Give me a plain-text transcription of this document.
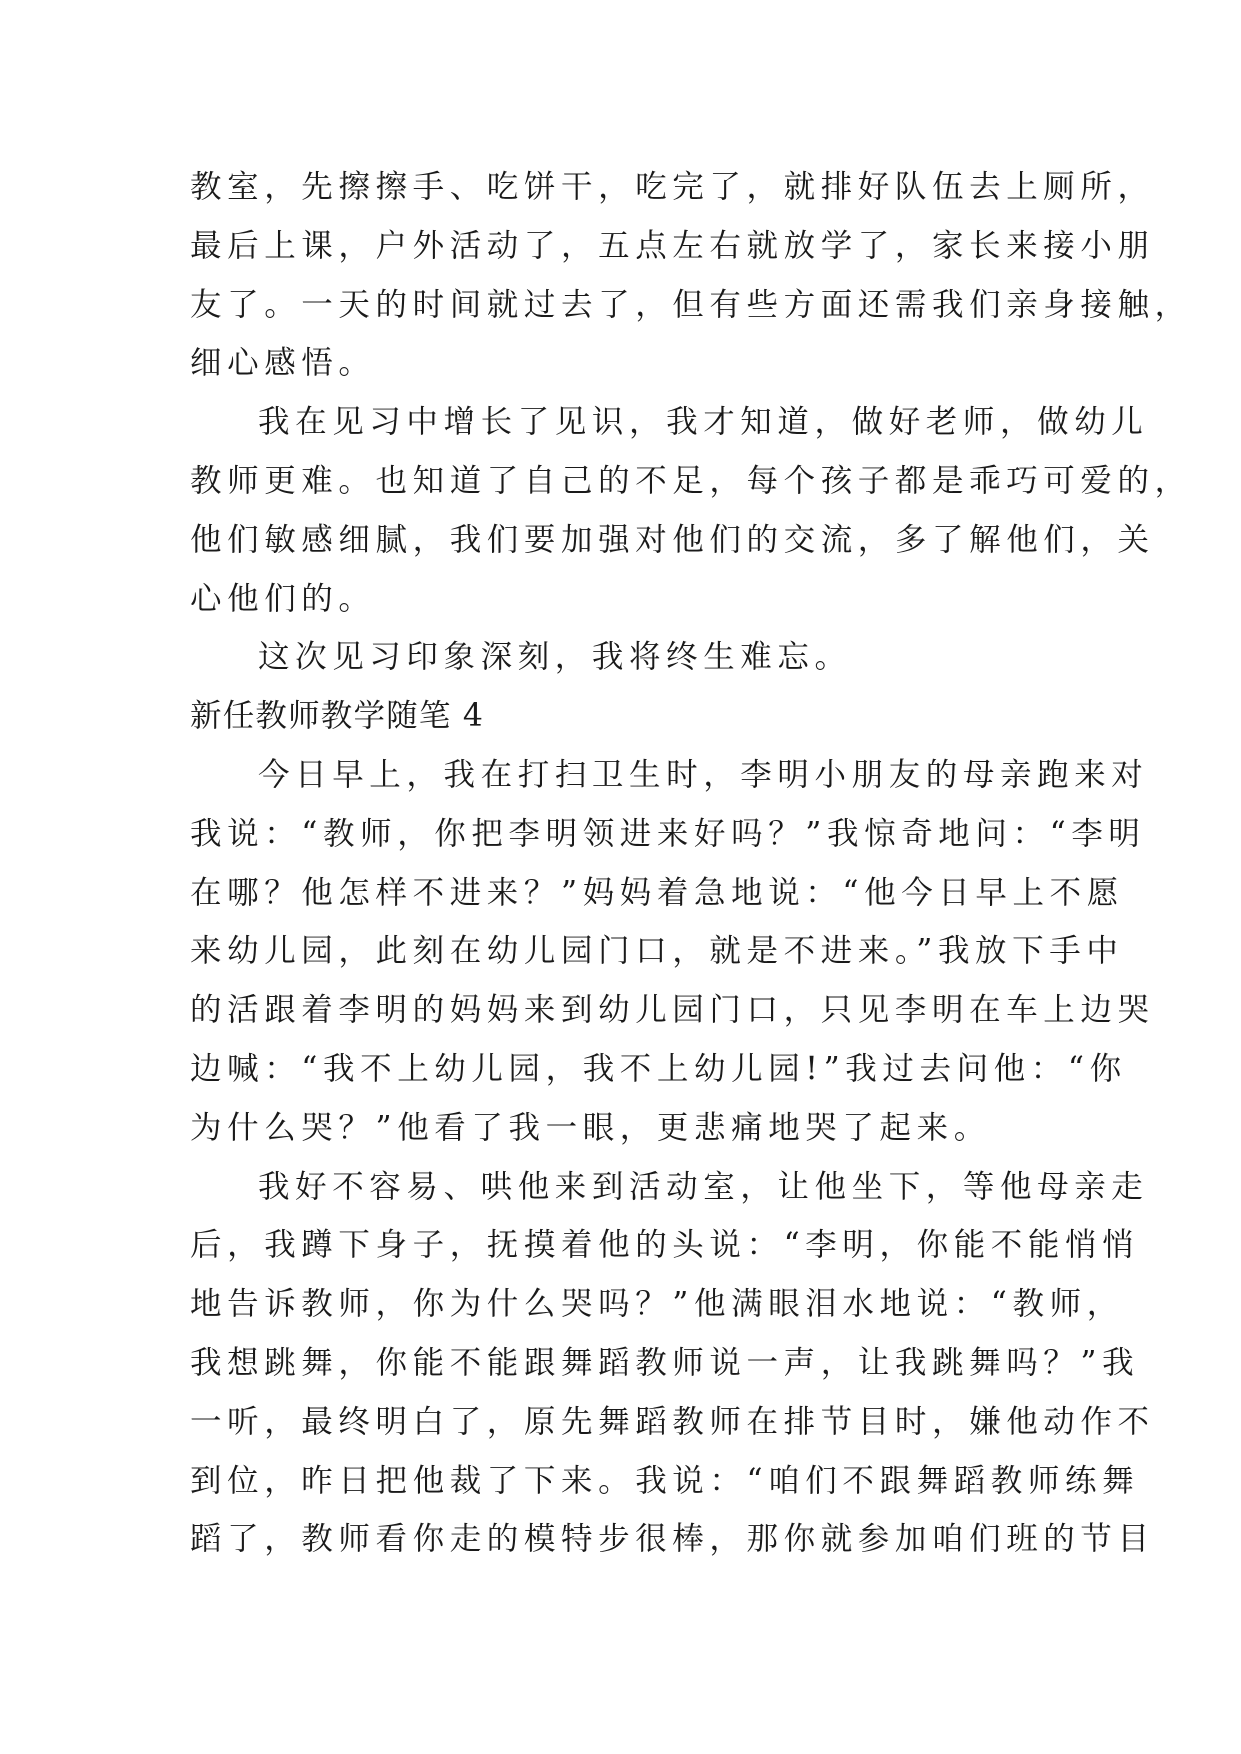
教室，先擦擦手、吃饼干，吃完了，就排好队伍去上厕所，
最后上课，户外活动了，五点左右就放学了，家长来接小朋
友了。一天的时间就过去了，但有些方面还需我们亲身接触，
细心感悟。
我在见习中增长了见识，我才知道，做好老师，做幼儿
教师更难。也知道了自己的不足，每个孩子都是乖巧可爱的，
他们敏感细腻，我们要加强对他们的交流，多了解他们，关
心他们的。
这次见习印象深刻，我将终生难忘。
新任教师教学随笔 4
今日早上，我在打扫卫生时，李明小朋友的母亲跑来对
我说：“教师，你把李明领进来好吗？”我惊奇地问：“李明
在哪？他怎样不进来？”妈妈着急地说：“他今日早上不愿
来幼儿园，此刻在幼儿园门口，就是不进来。”我放下手中
的活跟着李明的妈妈来到幼儿园门口，只见李明在车上边哭
边喊：“我不上幼儿园，我不上幼儿园!”我过去问他：“你
为什么哭？”他看了我一眼，更悲痛地哭了起来。
我好不容易、哄他来到活动室，让他坐下，等他母亲走
后，我蹲下身子，抚摸着他的头说：“李明，你能不能悄悄
地告诉教师，你为什么哭吗？”他满眼泪水地说：“教师，
我想跳舞，你能不能跟舞蹈教师说一声，让我跳舞吗？”我
一听，最终明白了，原先舞蹈教师在排节目时，嫌他动作不
到位，昨日把他裁了下来。我说：“咱们不跟舞蹈教师练舞
蹈了，教师看你走的模特步很棒，那你就参加咱们班的节目
